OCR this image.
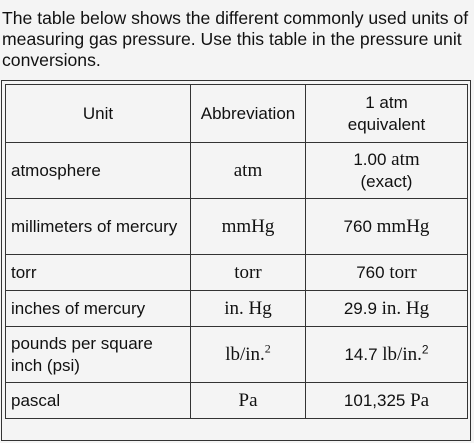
The table below shows the different commonly used units of measuring gas pressure. Use this table in the pressure unit conversions.

Unit	Abbreviation	1 atm
equivalent

atmosphere	atm	1.00 atm
(exact)

millimeters of mercury	mmHg	760 mmHg
torr	torr	760 torr
inches of mercury	in. Hg	29.9 in. Hg
pounds per square inch (psi)	lb/in.$^2$	14.7 lb/in.$^2$
pascal	Pa	101,325 Pa
